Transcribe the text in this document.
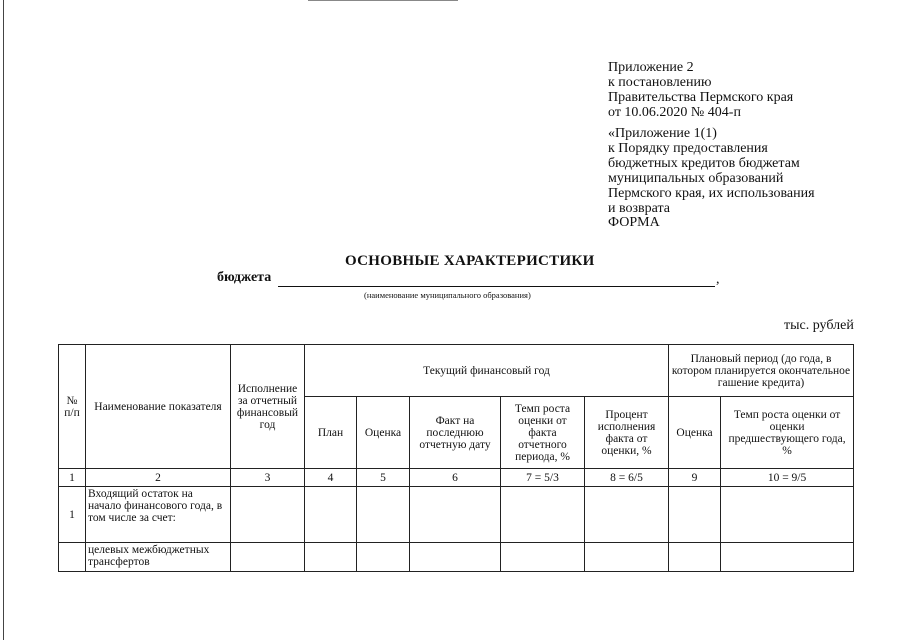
Приложение 2
к постановлению
Правительства Пермского края
от 10.06.2020 № 404-п
«Приложение 1(1)
к Порядку предоставления
бюджетных кредитов бюджетам
муниципальных образований
Пермского края, их использования
и возврата
ФОРМА
ОСНОВНЫЕ ХАРАКТЕРИСТИКИ
бюджета	,
(наименование муниципального образования)
тыс. рублей
№ п/п	Наименование показателя	Исполнение за отчетный финансовый год	Текущий финансовый год					Плановый период (до года, в котором планируется окончательное гашение кредита)	
			План	Оценка	Факт на последнюю отчетную дату	Темп роста оценки от факта отчетного периода, %	Процент исполнения факта от оценки, %	Оценка	Темп роста оценки от оценки предшествующего года, %
1	2	3	4	5	6	7 = 5/3	8 = 6/5	9	10 = 9/5
1	Входящий остаток на начало финансового года, в том числе за счет:								
	целевых межбюджетных трансфертов								
